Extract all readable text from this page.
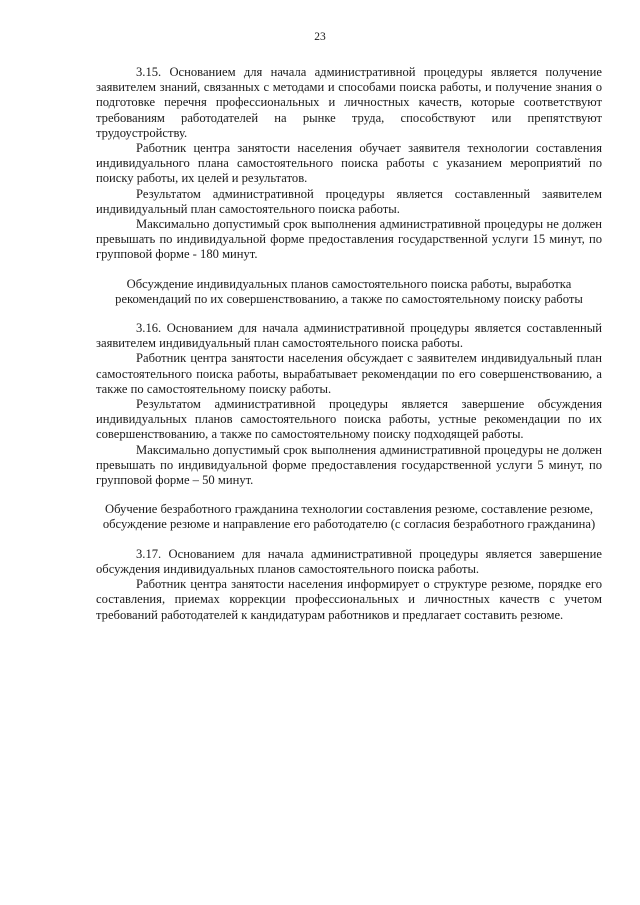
23

3.15. Основанием для начала административной процедуры является получение заявителем знаний, связанных с методами и способами поиска работы, и получение знания о подготовке перечня профессиональных и личностных качеств, которые соответствуют требованиям работодателей на рынке труда, способствуют или препятствуют трудоустройству.

Работник центра занятости населения обучает заявителя технологии составления индивидуального плана самостоятельного поиска работы с указанием мероприятий по поиску работы, их целей и результатов.

Результатом административной процедуры является составленный заявителем индивидуальный план самостоятельного поиска работы.

Максимально допустимый срок выполнения административной процедуры не должен превышать по индивидуальной форме предоставления государственной услуги 15 минут, по групповой форме - 180 минут.

Обсуждение индивидуальных планов самостоятельного поиска работы, выработка рекомендаций по их совершенствованию, а также по самостоятельному поиску работы

3.16. Основанием для начала административной процедуры является составленный заявителем индивидуальный план самостоятельного поиска работы.

Работник центра занятости населения обсуждает с заявителем индивидуальный план самостоятельного поиска работы, вырабатывает рекомендации по его совершенствованию, а также по самостоятельному поиску работы.

Результатом административной процедуры является завершение обсуждения индивидуальных планов самостоятельного поиска работы, устные рекомендации по их совершенствованию, а также по самостоятельному поиску подходящей работы.

Максимально допустимый срок выполнения административной процедуры не должен превышать по индивидуальной форме предоставления государственной услуги 5 минут, по групповой форме – 50 минут.

Обучение безработного гражданина технологии составления резюме, составление резюме, обсуждение резюме и направление его работодателю (с согласия безработного гражданина)

3.17. Основанием для начала административной процедуры является завершение обсуждения индивидуальных планов самостоятельного поиска работы.

Работник центра занятости населения информирует о структуре резюме, порядке его составления, приемах коррекции профессиональных и личностных качеств с учетом требований работодателей к кандидатурам работников и предлагает составить резюме.
